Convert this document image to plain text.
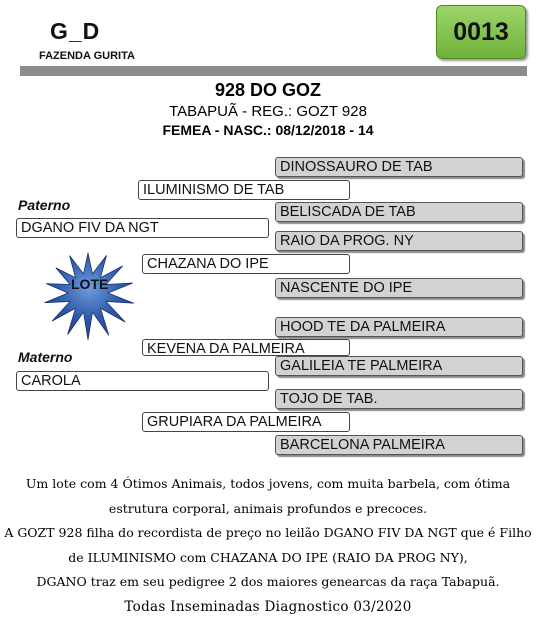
G_D
FAZENDA GURITA
0013
928 DO GOZ
TABAPUÃ - REG.: GOZT 928
FEMEA - NASC.: 08/12/2018 - 14
DINOSSAURO DE TAB
BELISCADA DE TAB
RAIO DA PROG. NY
NASCENTE DO IPE
HOOD TE DA PALMEIRA
GALILEIA TE PALMEIRA
TOJO DE TAB.
BARCELONA PALMEIRA
ILUMINISMO DE TAB
CHAZANA DO IPE
KEVENA DA PALMEIRA
GRUPIARA DA PALMEIRA
Paterno
DGANO FIV DA NGT
Materno
CAROLA
LOTE
Um lote com 4 Ótimos Animais, todos jovens, com muita barbela, com ótima
estrutura corporal, animais profundos e precoces.
A GOZT 928 filha do recordista de preço no leilão DGANO FIV DA NGT que é Filho
de ILUMINISMO com CHAZANA DO IPE (RAIO DA PROG NY),
DGANO traz em seu pedigree 2 dos maiores genearcas da raça Tabapuã.
Todas Inseminadas Diagnostico 03/2020
